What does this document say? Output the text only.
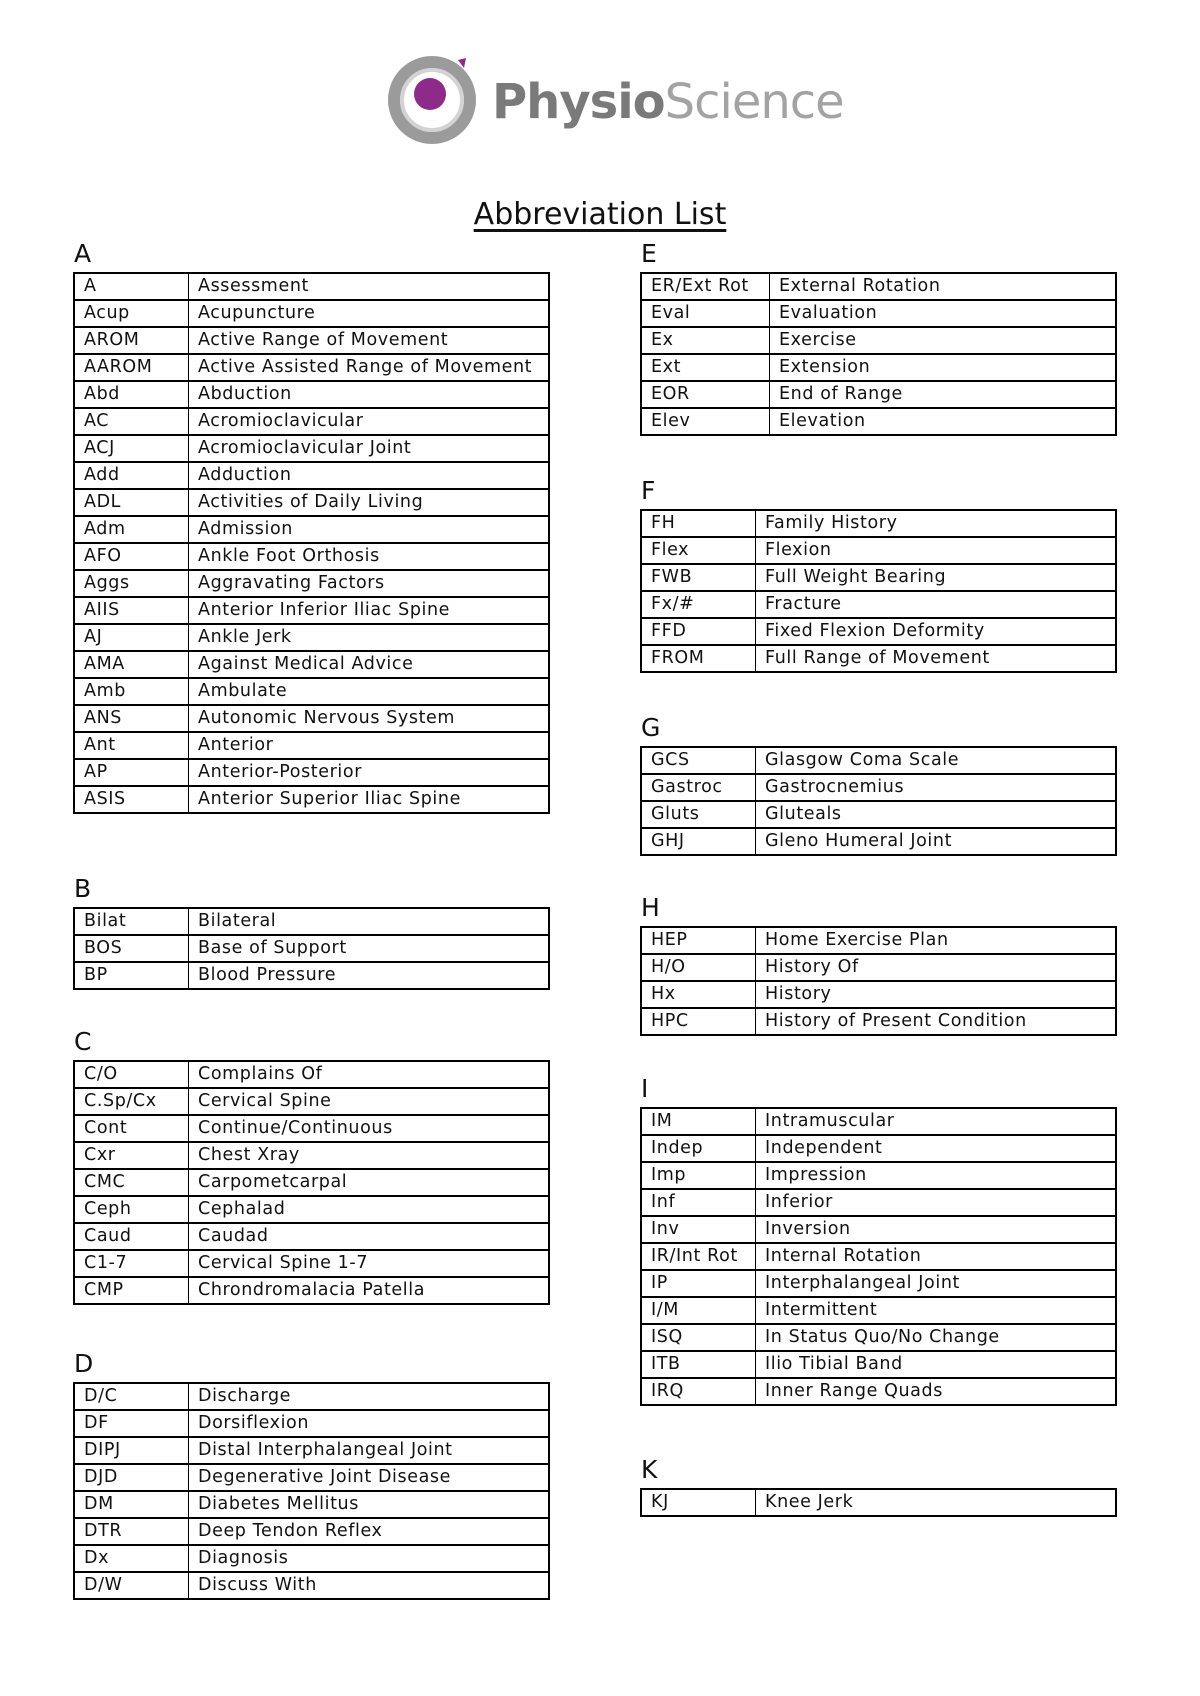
PhysioScience
Abbreviation List
A
A	Assessment
Acup	Acupuncture
AROM	Active Range of Movement
AAROM	Active Assisted Range of Movement
Abd	Abduction
AC	Acromioclavicular
ACJ	Acromioclavicular Joint
Add	Adduction
ADL	Activities of Daily Living
Adm	Admission
AFO	Ankle Foot Orthosis
Aggs	Aggravating Factors
AIIS	Anterior Inferior Iliac Spine
AJ	Ankle Jerk
AMA	Against Medical Advice
Amb	Ambulate
ANS	Autonomic Nervous System
Ant	Anterior
AP	Anterior-Posterior
ASIS	Anterior Superior Iliac Spine
B
Bilat	Bilateral
BOS	Base of Support
BP	Blood Pressure
C
C/O	Complains Of
C.Sp/Cx	Cervical Spine
Cont	Continue/Continuous
Cxr	Chest Xray
CMC	Carpometcarpal
Ceph	Cephalad
Caud	Caudad
C1-7	Cervical Spine 1-7
CMP	Chrondromalacia Patella
D
D/C	Discharge
DF	Dorsiflexion
DIPJ	Distal Interphalangeal Joint
DJD	Degenerative Joint Disease
DM	Diabetes Mellitus
DTR	Deep Tendon Reflex
Dx	Diagnosis
D/W	Discuss With
E
ER/Ext Rot	External Rotation
Eval	Evaluation
Ex	Exercise
Ext	Extension
EOR	End of Range
Elev	Elevation
F
FH	Family History
Flex	Flexion
FWB	Full Weight Bearing
Fx/#	Fracture
FFD	Fixed Flexion Deformity
FROM	Full Range of Movement
G
GCS	Glasgow Coma Scale
Gastroc	Gastrocnemius
Gluts	Gluteals
GHJ	Gleno Humeral Joint
H
HEP	Home Exercise Plan
H/O	History Of
Hx	History
HPC	History of Present Condition
I
IM	Intramuscular
Indep	Independent
Imp	Impression
Inf	Inferior
Inv	Inversion
IR/Int Rot	Internal Rotation
IP	Interphalangeal Joint
I/M	Intermittent
ISQ	In Status Quo/No Change
ITB	Ilio Tibial Band
IRQ	Inner Range Quads
K
KJ	Knee Jerk
